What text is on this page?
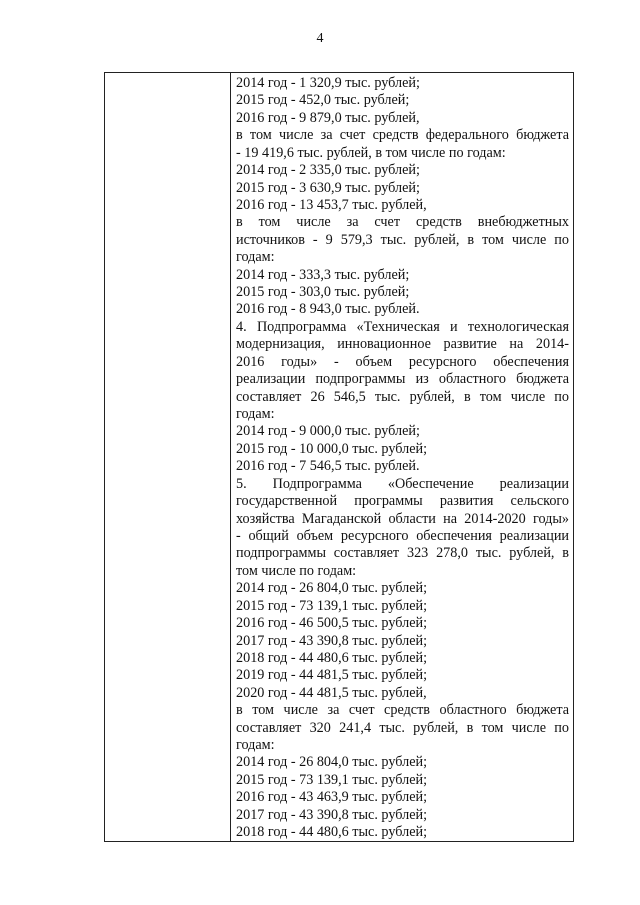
4
2014 год - 1 320,9 тыс. рублей;
2015 год - 452,0 тыс. рублей;
2016 год - 9 879,0 тыс. рублей,
в том числе за счет средств федерального бюджета
- 19 419,6 тыс. рублей, в том числе по годам:
2014 год - 2 335,0 тыс. рублей;
2015 год - 3 630,9 тыс. рублей;
2016 год - 13 453,7 тыс. рублей,
в том числе за счет средств внебюджетных
источников - 9 579,3 тыс. рублей, в том числе по
годам:
2014 год - 333,3 тыс. рублей;
2015 год - 303,0 тыс. рублей;
2016 год - 8 943,0 тыс. рублей.
4. Подпрограмма «Техническая и технологическая
модернизация, инновационное развитие на 2014-
2016 годы» - объем ресурсного обеспечения
реализации подпрограммы из областного бюджета
составляет 26 546,5 тыс. рублей, в том числе по
годам:
2014 год - 9 000,0 тыс. рублей;
2015 год - 10 000,0 тыс. рублей;
2016 год - 7 546,5 тыс. рублей.
5. Подпрограмма «Обеспечение реализации
государственной программы развития сельского
хозяйства Магаданской области на 2014-2020 годы»
- общий объем ресурсного обеспечения реализации
подпрограммы составляет 323 278,0 тыс. рублей, в
том числе по годам:
2014 год - 26 804,0 тыс. рублей;
2015 год - 73 139,1 тыс. рублей;
2016 год - 46 500,5 тыс. рублей;
2017 год - 43 390,8 тыс. рублей;
2018 год - 44 480,6 тыс. рублей;
2019 год - 44 481,5 тыс. рублей;
2020 год - 44 481,5 тыс. рублей,
в том числе за счет средств областного бюджета
составляет 320 241,4 тыс. рублей, в том числе по
годам:
2014 год - 26 804,0 тыс. рублей;
2015 год - 73 139,1 тыс. рублей;
2016 год - 43 463,9 тыс. рублей;
2017 год - 43 390,8 тыс. рублей;
2018 год - 44 480,6 тыс. рублей;
